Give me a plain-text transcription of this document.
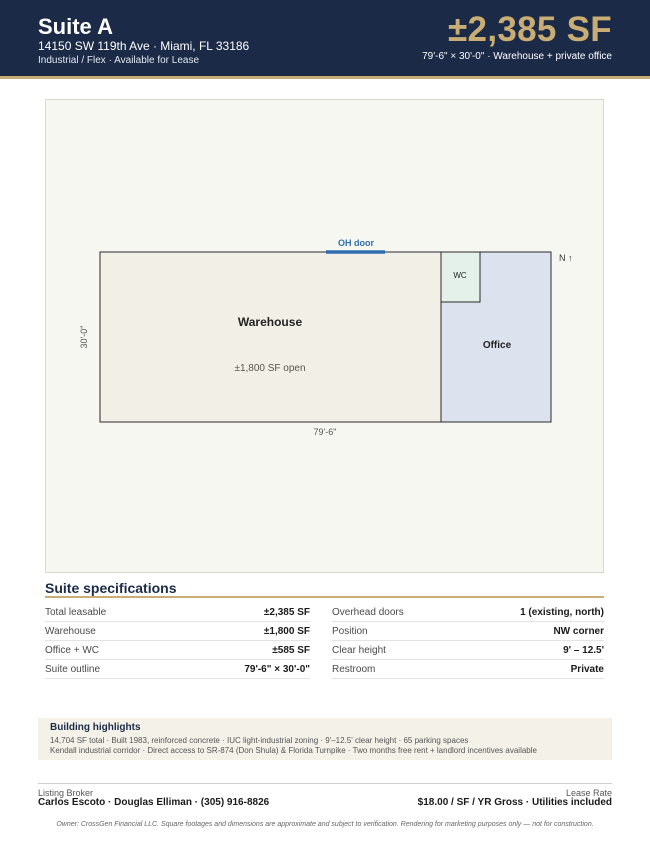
Suite A
14150 SW 119th Ave · Miami, FL 33186
Industrial / Flex · Available for Lease
±2,385 SF
79'-6" × 30'-0" · Warehouse + private office
OH door
N ↑
WC
Warehouse
±1,800 SF open
Office
30'-0"
79'-6"
Suite specifications
Total leasable	±2,385 SF
Warehouse	±1,800 SF
Office + WC	±585 SF
Suite outline	79'-6" × 30'-0"
Overhead doors	1 (existing, north)
Position	NW corner
Clear height	9' – 12.5'
Restroom	Private
Building highlights
14,704 SF total · Built 1983, reinforced concrete · IUC light-industrial zoning · 9'–12.5' clear height · 65 parking spaces
Kendall industrial corridor · Direct access to SR-874 (Don Shula) & Florida Turnpike · Two months free rent + landlord incentives available
Listing Broker
Carlos Escoto · Douglas Elliman · (305) 916-8826
Lease Rate
$18.00 / SF / YR Gross · Utilities included
Owner: CrossGen Financial LLC. Square footages and dimensions are approximate and subject to verification. Rendering for marketing purposes only — not for construction.
